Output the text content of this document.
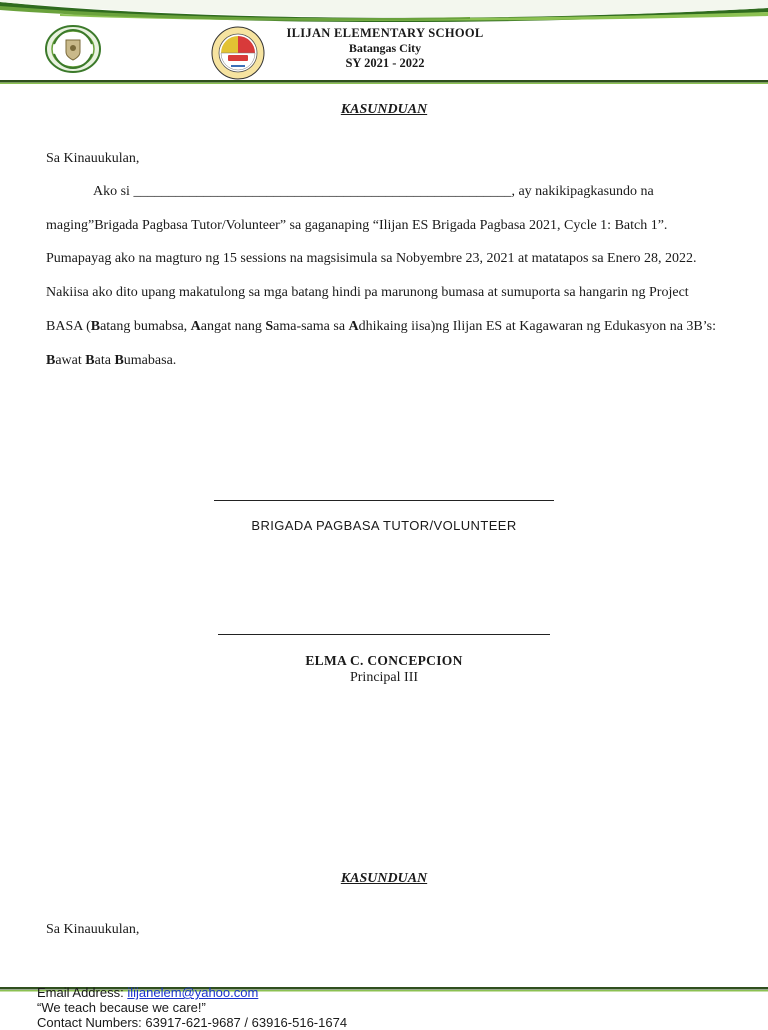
ILIJAN ELEMENTARY SCHOOL
Batangas City
SY 2021 - 2022
KASUNDUAN
Sa Kinauukulan,
Ako si ______________________________________________________, ay nakikipagkasundo na maging”Brigada Pagbasa Tutor/Volunteer” sa gaganaping “Ilijan ES Brigada Pagbasa 2021, Cycle 1: Batch 1”. Pumapayag ako na magturo ng 15 sessions na magsisimula sa Nobyembre 23, 2021 at matatapos sa Enero 28, 2022. Nakiisa ako dito upang makatulong sa mga batang hindi pa marunong bumasa at sumuporta sa hangarin ng Project BASA (Batang bumabsa, Aangat nang Sama-sama sa Adhikaing iisa)ng Ilijan ES at Kagawaran ng Edukasyon na 3B’s: Bawat Bata Bumabasa.
BRIGADA PAGBASA TUTOR/VOLUNTEER
ELMA C. CONCEPCION
Principal III
KASUNDUAN
Sa Kinauukulan,
Email Address: ilijanelem@yahoo.com
“We teach because we care!”
Contact Numbers: 63917-621-9687 / 63916-516-1674
